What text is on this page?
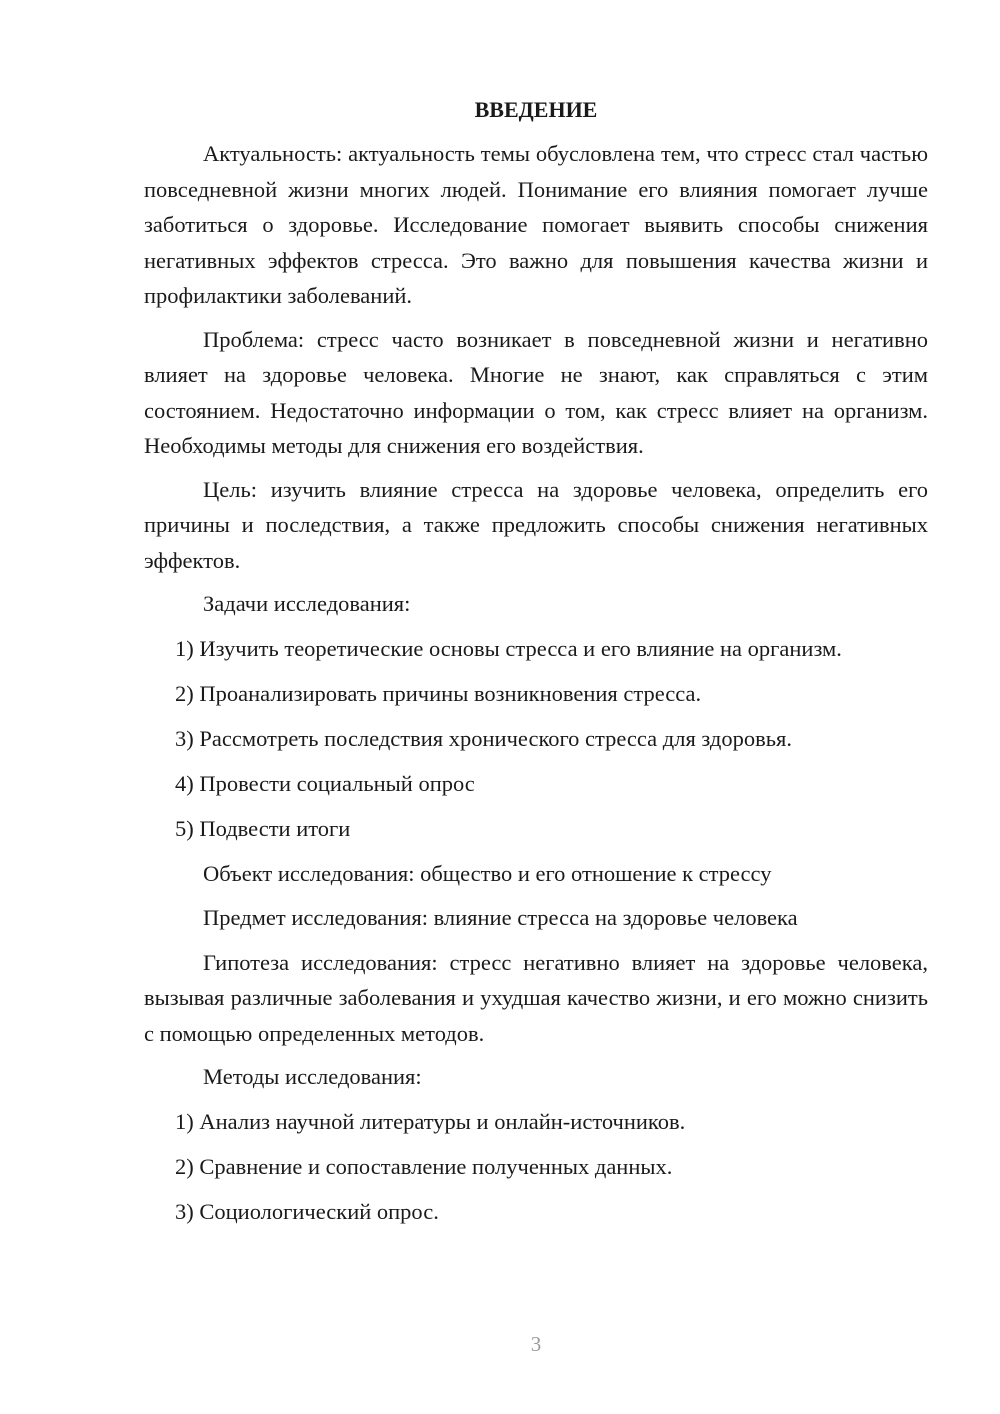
ВВЕДЕНИЕ

Актуальность: актуальность темы обусловлена тем, что стресс стал частью повседневной жизни многих людей. Понимание его влияния помогает лучше заботиться о здоровье. Исследование помогает выявить способы снижения негативных эффектов стресса. Это важно для повышения качества жизни и профилактики заболеваний.

Проблема: стресс часто возникает в повседневной жизни и негативно влияет на здоровье человека. Многие не знают, как справляться с этим состоянием. Недостаточно информации о том, как стресс влияет на организм. Необходимы методы для снижения его воздействия.

Цель: изучить влияние стресса на здоровье человека, определить его причины и последствия, а также предложить способы снижения негативных эффектов.

Задачи исследования:

1) Изучить теоретические основы стресса и его влияние на организм.
2) Проанализировать причины возникновения стресса.
3) Рассмотреть последствия хронического стресса для здоровья.
4) Провести социальный опрос
5) Подвести итоги

Объект исследования: общество и его отношение к стрессу

Предмет исследования: влияние стресса на здоровье человека

Гипотеза исследования: стресс негативно влияет на здоровье человека, вызывая различные заболевания и ухудшая качество жизни, и его можно снизить с помощью определенных методов.

Методы исследования:

1) Анализ научной литературы и онлайн-источников.
2) Сравнение и сопоставление полученных данных.
3) Социологический опрос.
3
